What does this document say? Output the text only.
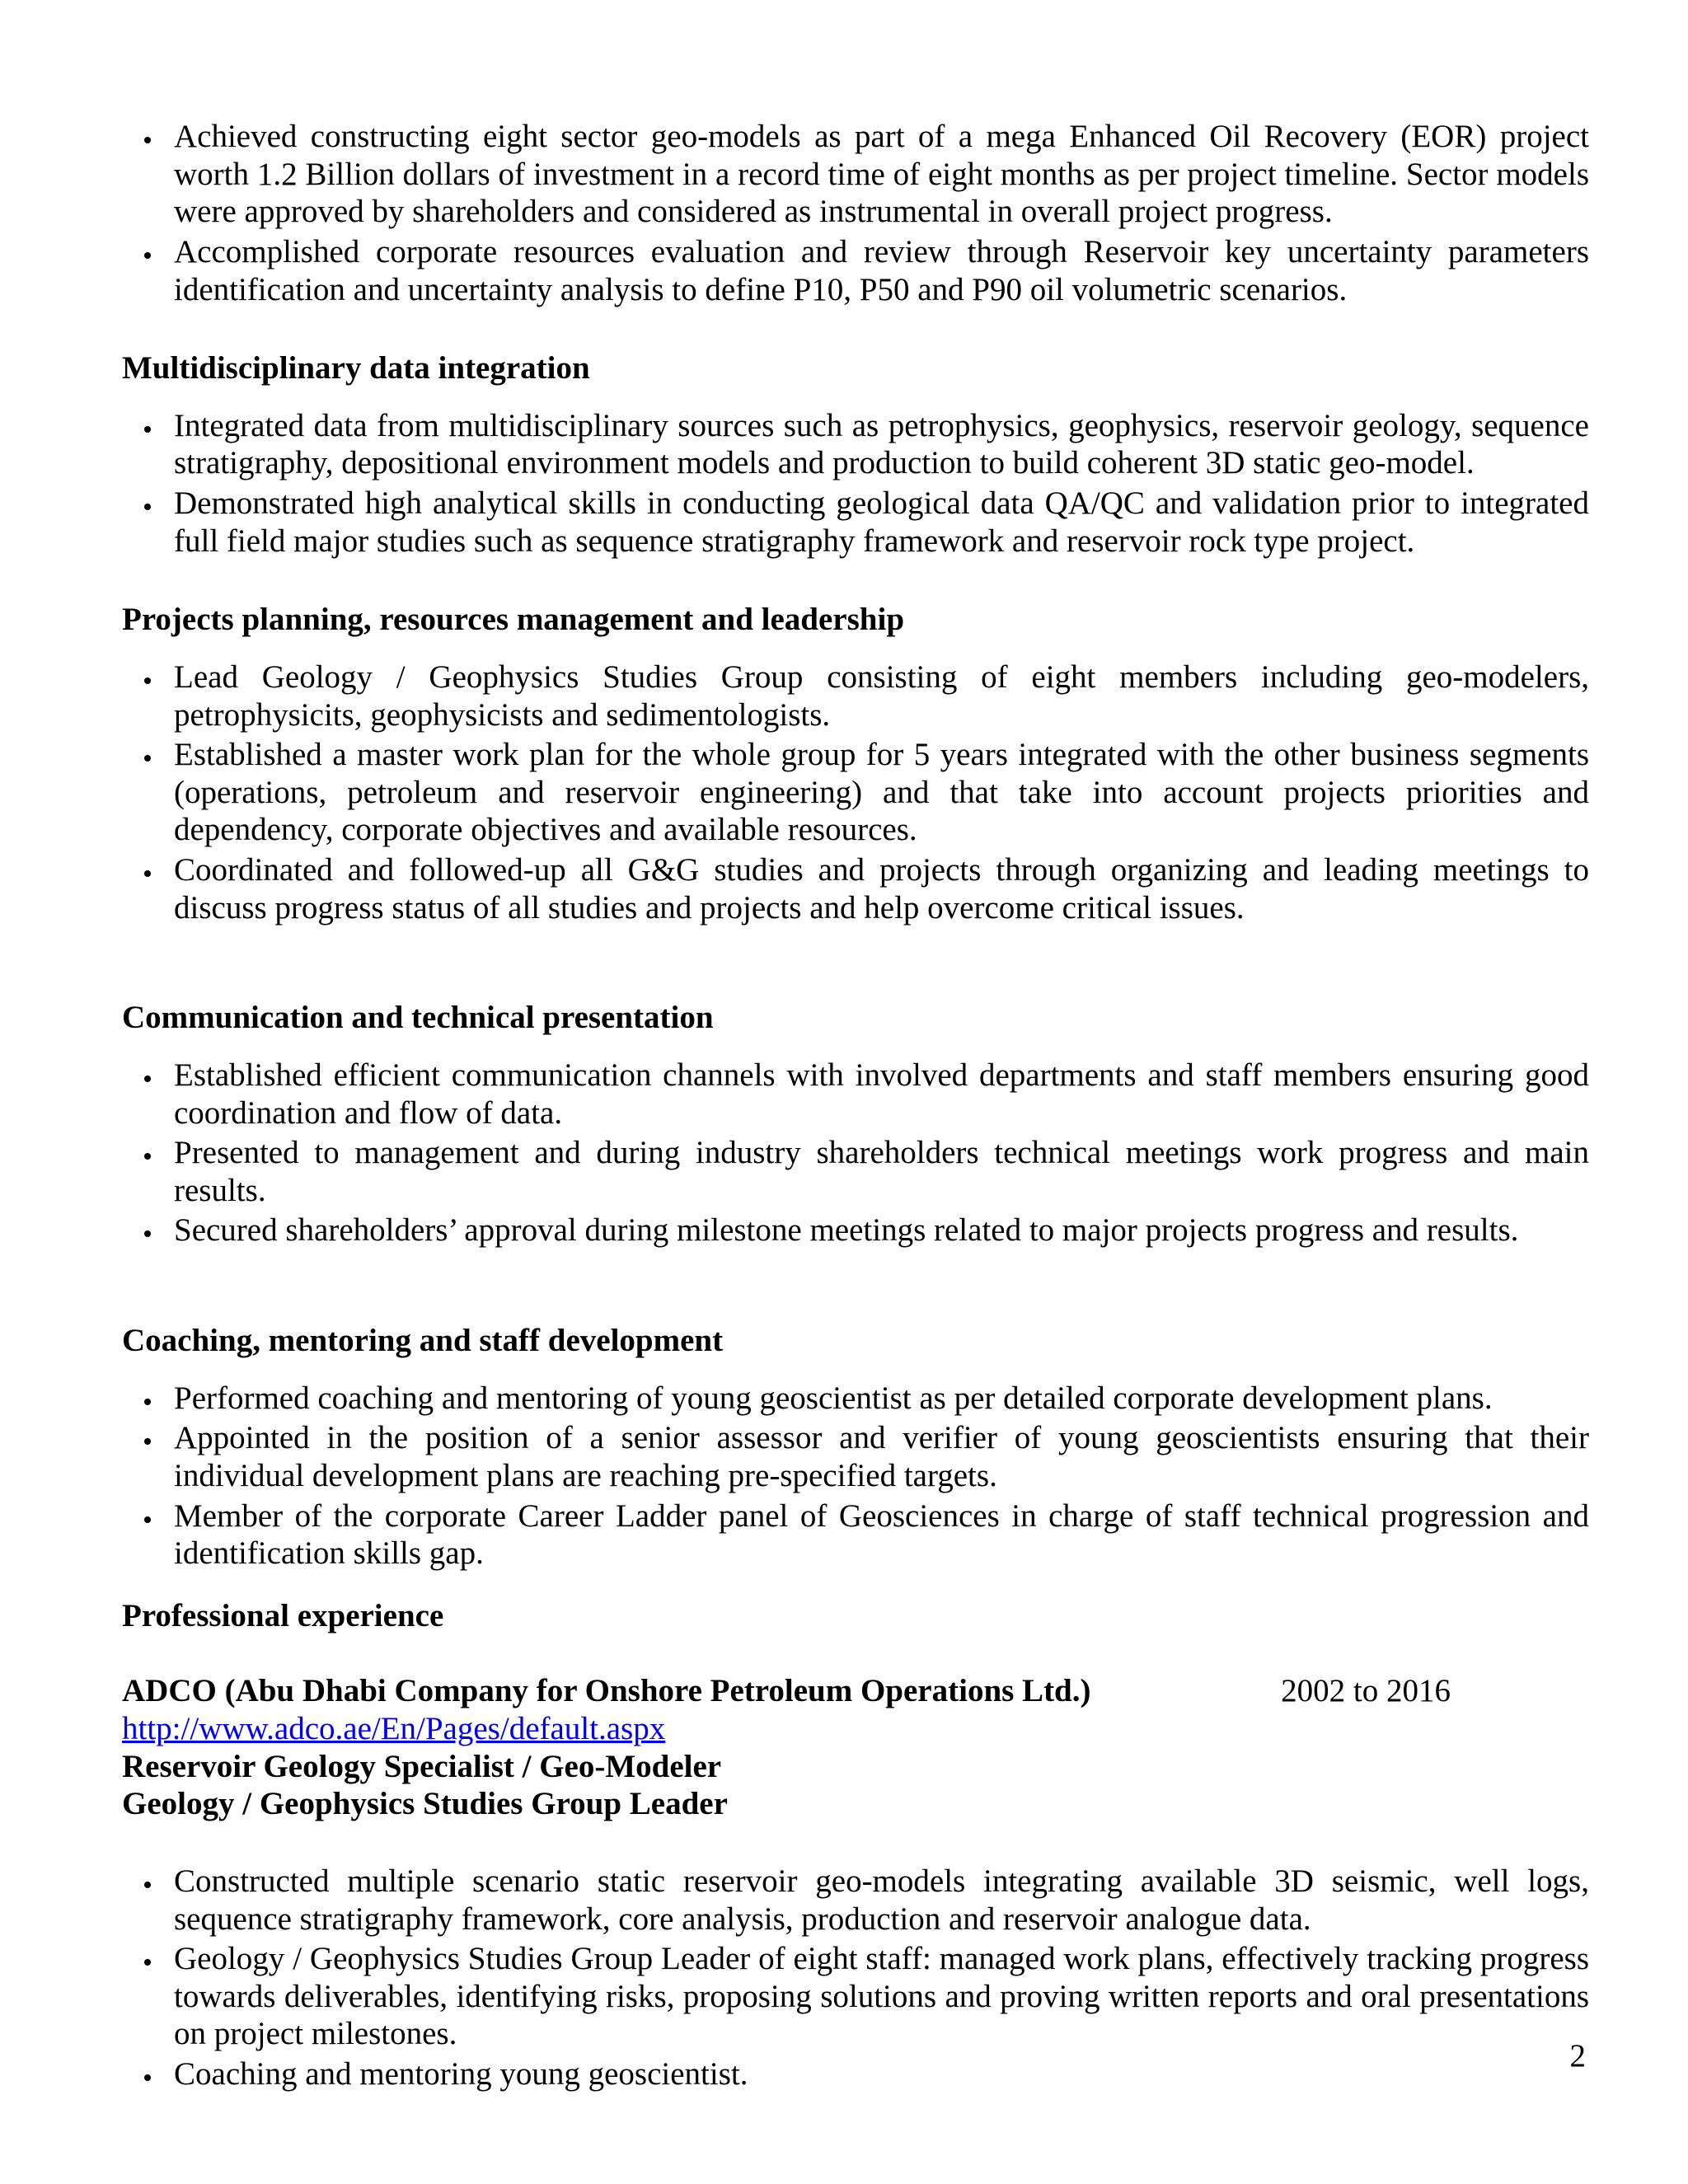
• Achieved constructing eight sector geo-models as part of a mega Enhanced Oil Recovery (EOR) project worth 1.2 Billion dollars of investment in a record time of eight months as per project timeline. Sector models were approved by shareholders and considered as instrumental in overall project progress.
• Accomplished corporate resources evaluation and review through Reservoir key uncertainty parameters identification and uncertainty analysis to define P10, P50 and P90 oil volumetric scenarios.
Multidisciplinary data integration
• Integrated data from multidisciplinary sources such as petrophysics, geophysics, reservoir geology, sequence stratigraphy, depositional environment models and production to build coherent 3D static geo-model.
• Demonstrated high analytical skills in conducting geological data QA/QC and validation prior to integrated full field major studies such as sequence stratigraphy framework and reservoir rock type project.
Projects planning, resources management and leadership
• Lead Geology / Geophysics Studies Group consisting of eight members including geo-modelers, petrophysicits, geophysicists and sedimentologists.
• Established a master work plan for the whole group for 5 years integrated with the other business segments (operations, petroleum and reservoir engineering) and that take into account projects priorities and dependency, corporate objectives and available resources.
• Coordinated and followed-up all G&G studies and projects through organizing and leading meetings to discuss progress status of all studies and projects and help overcome critical issues.
Communication and technical presentation
• Established efficient communication channels with involved departments and staff members ensuring good coordination and flow of data.
• Presented to management and during industry shareholders technical meetings work progress and main results.
• Secured shareholders’ approval during milestone meetings related to major projects progress and results.
Coaching, mentoring and staff development
• Performed coaching and mentoring of young geoscientist as per detailed corporate development plans.
• Appointed in the position of a senior assessor and verifier of young geoscientists ensuring that their individual development plans are reaching pre-specified targets.
• Member of the corporate Career Ladder panel of Geosciences in charge of staff technical progression and identification skills gap.
Professional experience
ADCO (Abu Dhabi Company for Onshore Petroleum Operations Ltd.)	2002 to 2016
http://www.adco.ae/En/Pages/default.aspx
Reservoir Geology Specialist / Geo-Modeler
Geology / Geophysics Studies Group Leader
• Constructed multiple scenario static reservoir geo-models integrating available 3D seismic, well logs, sequence stratigraphy framework, core analysis, production and reservoir analogue data.
• Geology / Geophysics Studies Group Leader of eight staff: managed work plans, effectively tracking progress towards deliverables, identifying risks, proposing solutions and proving written reports and oral presentations on project milestones.
• Coaching and mentoring young geoscientist.
2
